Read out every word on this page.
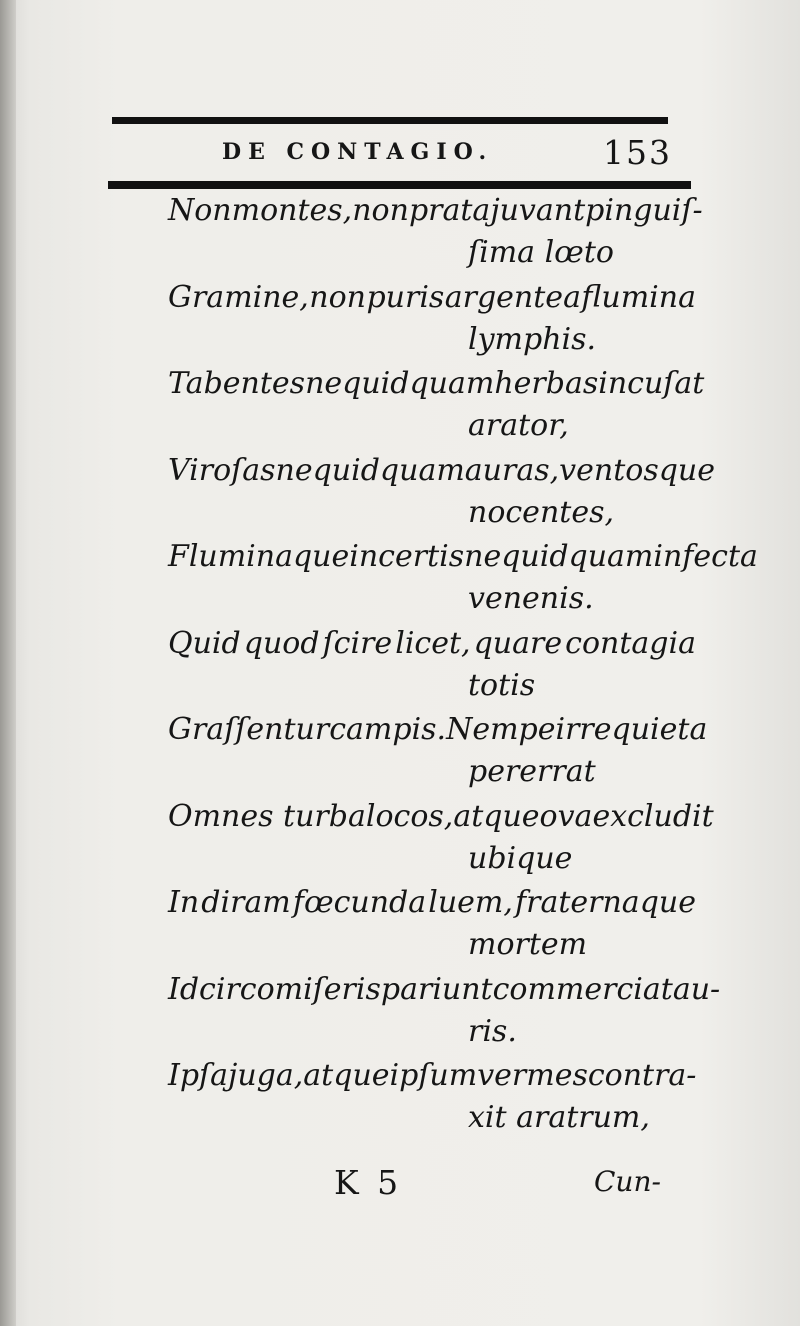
DE CONTAGIO.	153
Non montes, non prata juvant pinguiſ-
ſima lœto
Gramine, non puris argentea flumina
lymphis.
Tabentes nequidquam herbas incuſat
arator,
Viroſas nequidquam auras, ventosque
nocentes,
Fluminaque incertis nequidquam infecta
venenis.
Quid quod ſcire licet, quare contagia
totis
Graſſentur campis. Nempe irrequieta
pererrat
Omnes turba locos, atque ova excludit
ubique
In diram fœcunda luem, fraternaque
mortem
Idcirco miſeris pariunt commercia tau-
ris.
Ipſa juga, atque ipſum vermes contra-
xit aratrum,
K 5	Cun-
